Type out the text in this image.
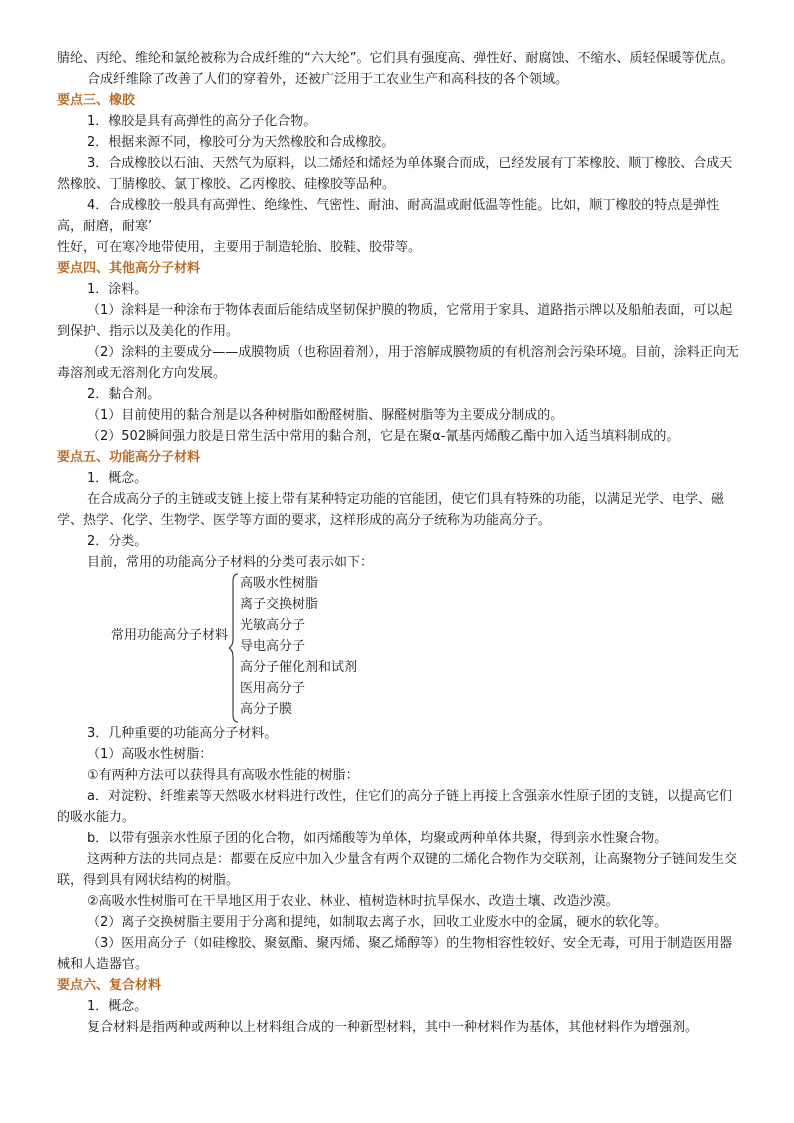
腈纶、丙纶、维纶和氯纶被称为合成纤维的“六大纶”。它们具有强度高、弹性好、耐腐蚀、不缩水、质轻保暖等优点。

合成纤维除了改善了人们的穿着外，还被广泛用于工农业生产和高科技的各个领域。

要点三、橡胶

1．橡胶是具有高弹性的高分子化合物。

2．根据来源不同，橡胶可分为天然橡胶和合成橡胶。

3．合成橡胶以石油、天然气为原料，以二烯烃和烯烃为单体聚合而成，已经发展有丁苯橡胶、顺丁橡胶、合成天然橡胶、丁腈橡胶、氯丁橡胶、乙丙橡胶、硅橡胶等品种。

4．合成橡胶一般具有高弹性、绝缘性、气密性、耐油、耐高温或耐低温等性能。比如，顺丁橡胶的特点是弹性高，耐磨，耐寒’

性好，可在寒冷地带使用，主要用于制造轮胎、胶鞋、胶带等。

要点四、其他高分子材料

1．涂料。

（1）涂料是一种涂布于物体表面后能结成坚韧保护膜的物质，它常用于家具、道路指示牌以及船舶表面，可以起到保护、指示以及美化的作用。

（2）涂料的主要成分——成膜物质（也称固着剂），用于溶解成膜物质的有机溶剂会污染环境。目前，涂料正向无毒溶剂或无溶剂化方向发展。

2．黏合剂。

（1）目前使用的黏合剂是以各种树脂如酚醛树脂、脲醛树脂等为主要成分制成的。

（2）502瞬间强力胶是日常生活中常用的黏合剂，它是在聚α-氰基丙烯酸乙酯中加入适当填料制成的。

要点五、功能高分子材料

1．概念。

在合成高分子的主链或支链上接上带有某种特定功能的官能团，使它们具有特殊的功能，以满足光学、电学、磁学、热学、化学、生物学、医学等方面的要求，这样形成的高分子统称为功能高分子。

2．分类。

目前，常用的功能高分子材料的分类可表示如下：

常用功能高分子材料
高吸水性树脂
离子交换树脂
光敏高分子
导电高分子
高分子催化剂和试剂
医用高分子
高分子膜

3．几种重要的功能高分子材料。

（1）高吸水性树脂：

①有两种方法可以获得具有高吸水性能的树脂：

a．对淀粉、纤维素等天然吸水材料进行改性，住它们的高分子链上再接上含强亲水性原子团的支链，以提高它们的吸水能力。

b．以带有强亲水性原子团的化合物，如丙烯酸等为单体，均聚或两种单体共聚，得到亲水性聚合物。

这两种方法的共同点是：都要在反应中加入少量含有两个双键的二烯化合物作为交联剂，让高聚物分子链间发生交联，得到具有网状结构的树脂。

②高吸水性树脂可在干旱地区用于农业、林业、植树造林时抗旱保水、改造土壤、改造沙漠。

（2）离子交换树脂主要用于分离和提纯，如制取去离子水，回收工业废水中的金属，硬水的软化等。

（3）医用高分子（如硅橡胶、聚氨酯、聚丙烯、聚乙烯醇等）的生物相容性较好、安全无毒，可用于制造医用器械和人造器官。

要点六、复合材料

1．概念。

复合材料是指两种或两种以上材料组合成的一种新型材料，其中一种材料作为基体，其他材料作为增强剂。
